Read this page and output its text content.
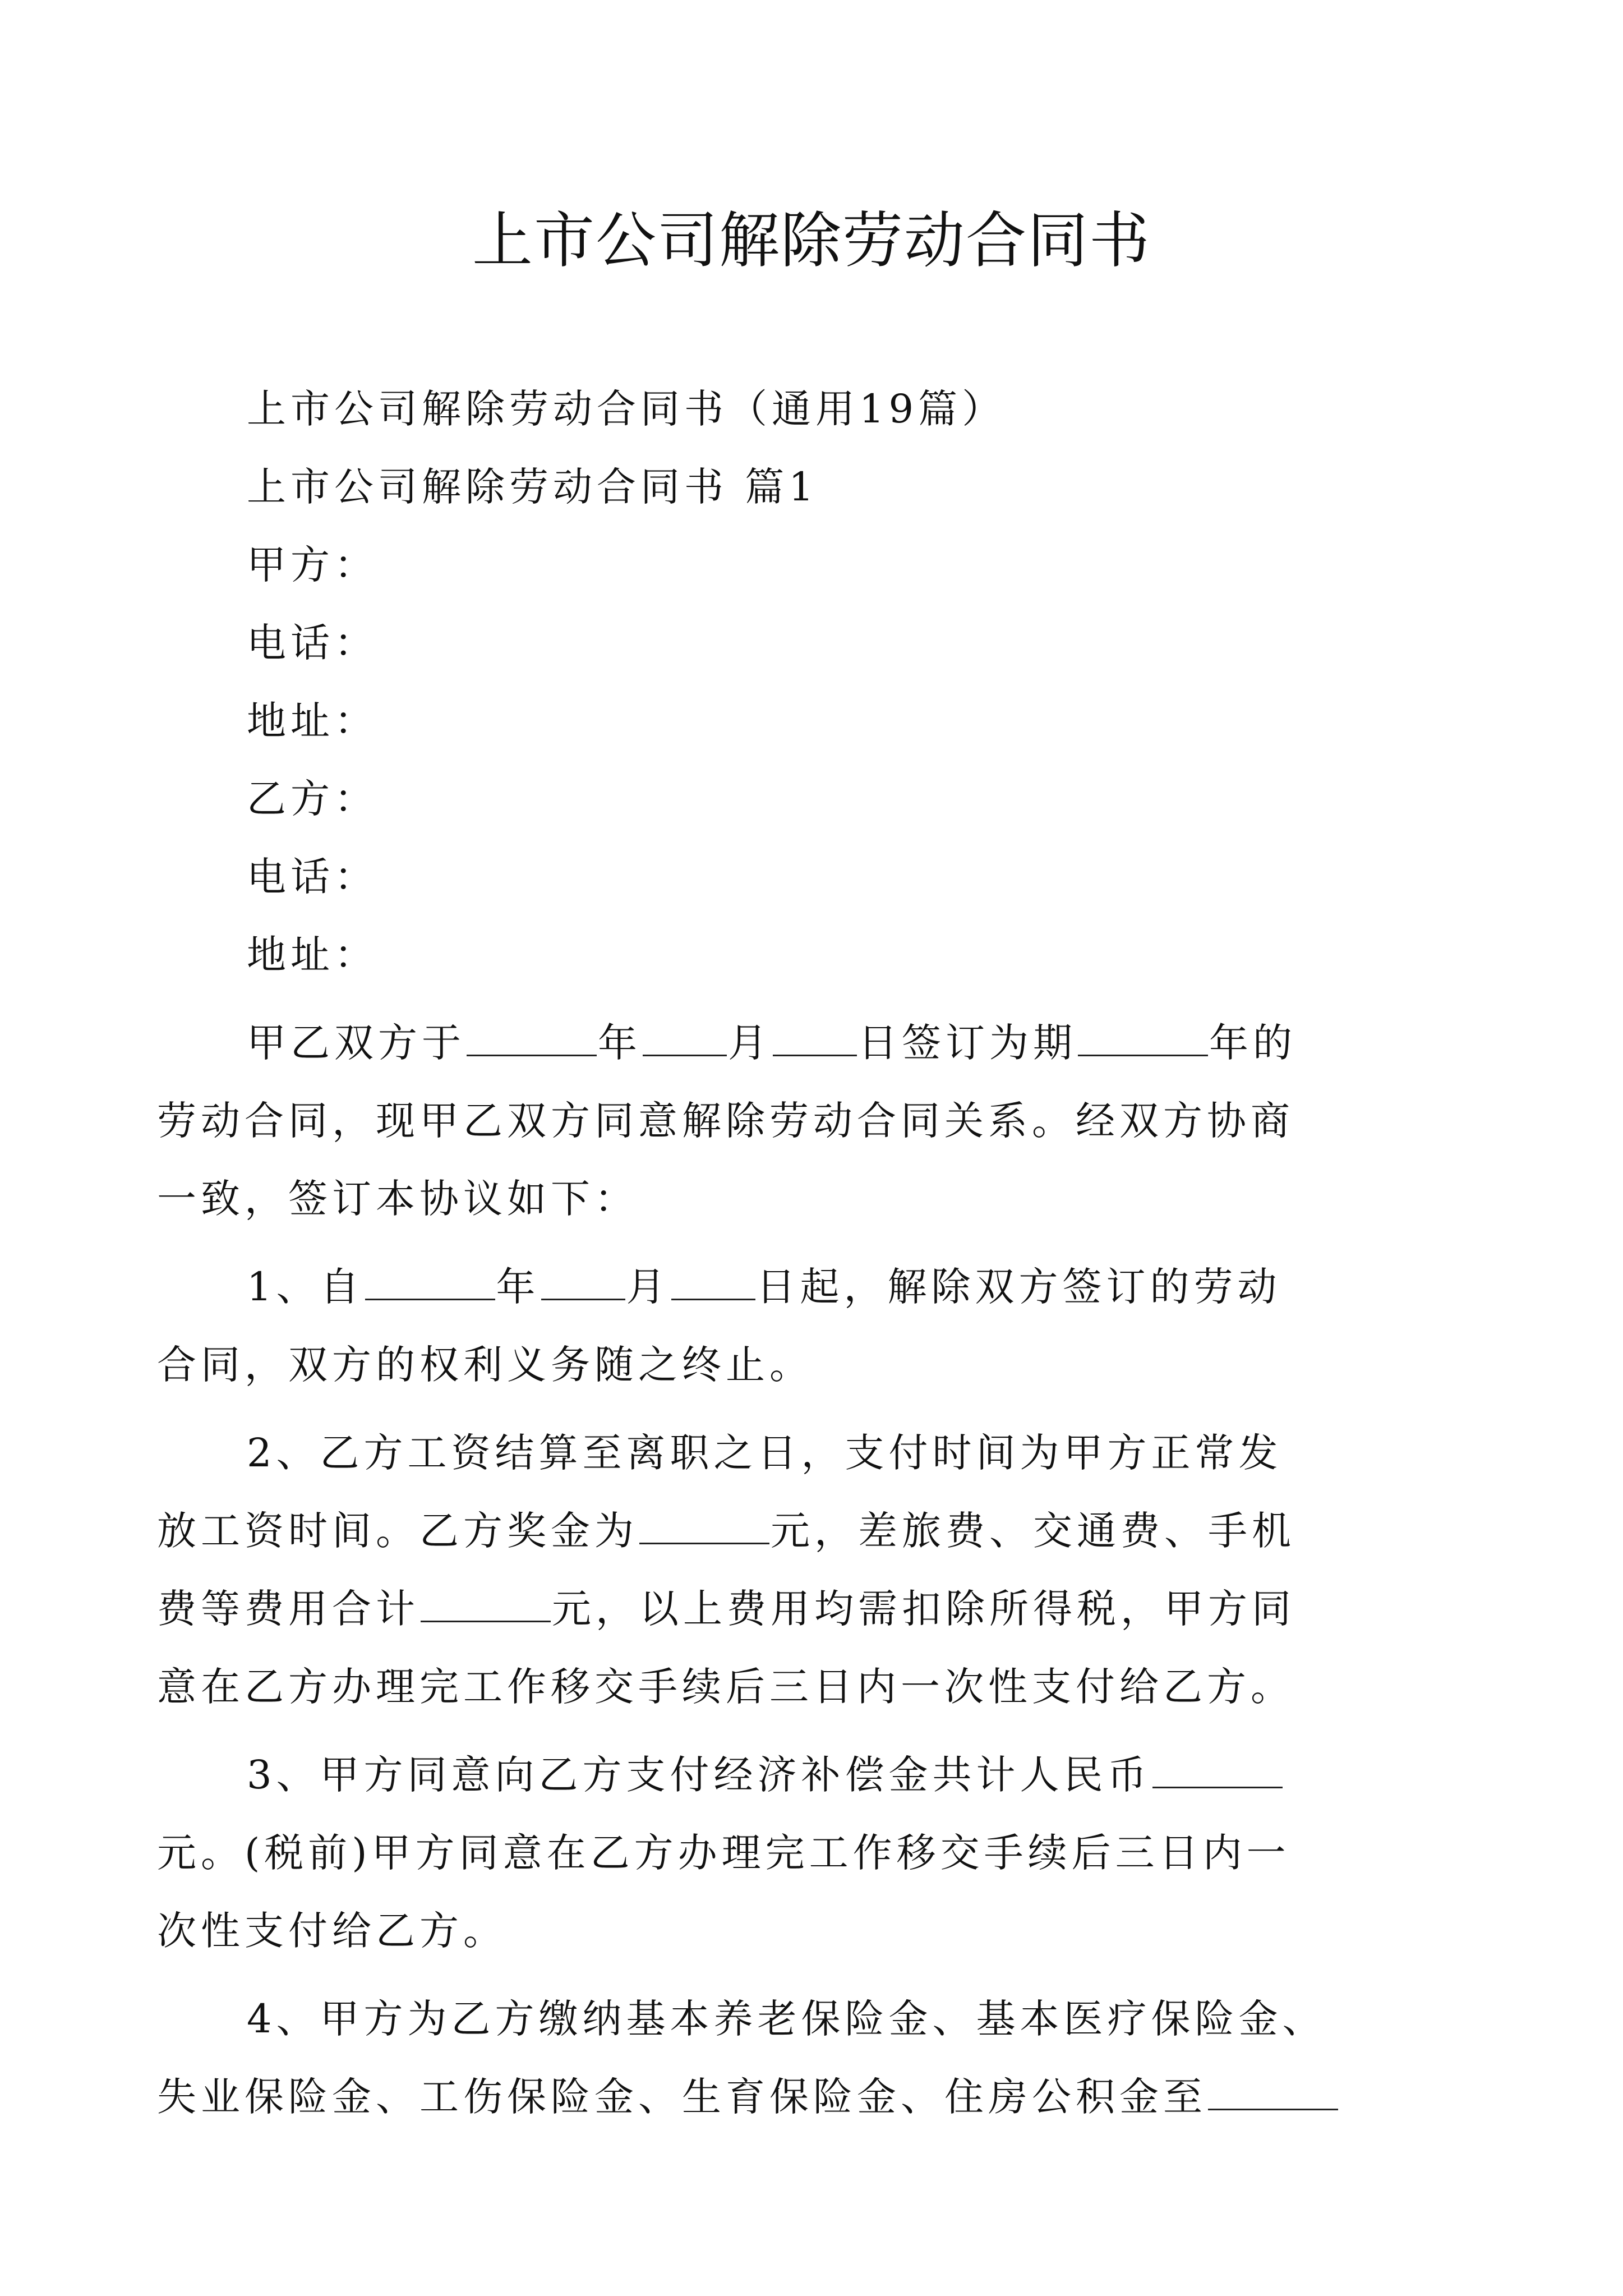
上市公司解除劳动合同书
上市公司解除劳动合同书（通用19篇）
上市公司解除劳动合同书 篇1
甲方：
电话：
地址：
乙方：
电话：
地址：
甲乙双方于	年 月 日签订为期	年的
劳动合同，现甲乙双方同意解除劳动合同关系。经双方协商
一致，签订本协议如下：
1、自	年 月 日起，解除双方签订的劳动
合同，双方的权利义务随之终止。
2、乙方工资结算至离职之日，支付时间为甲方正常发
放工资时间。乙方奖金为	元，差旅费、交通费、手机
费等费用合计	元，以上费用均需扣除所得税，甲方同
意在乙方办理完工作移交手续后三日内一次性支付给乙方。
3、甲方同意向乙方支付经济补偿金共计人民币
元。(税前)甲方同意在乙方办理完工作移交手续后三日内一
次性支付给乙方。
4、甲方为乙方缴纳基本养老保险金、基本医疗保险金、
失业保险金、工伤保险金、生育保险金、住房公积金至
